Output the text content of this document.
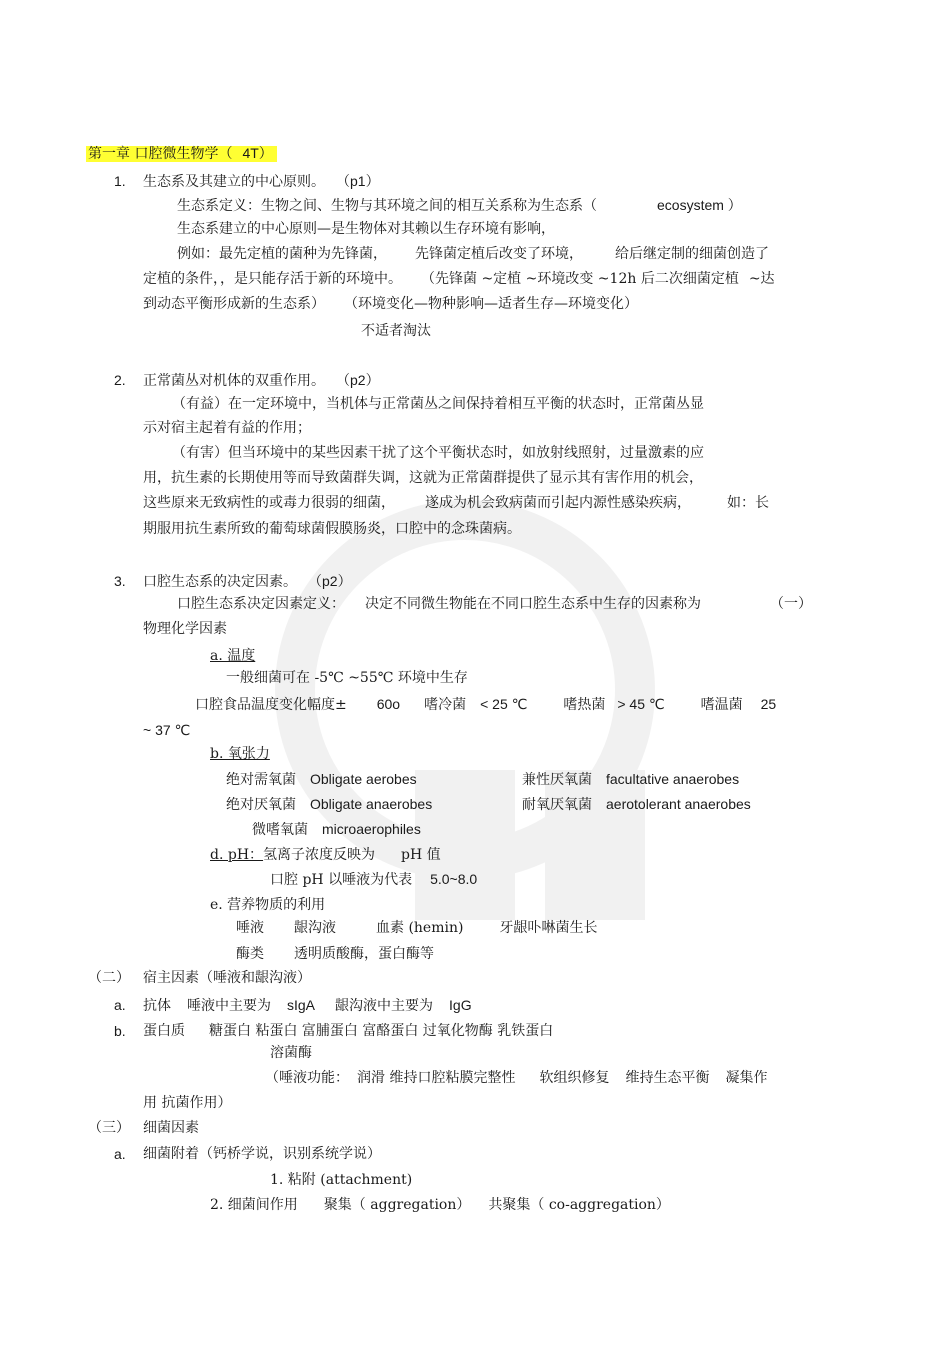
第一章 口腔微生物学（ 4T）
1. 生态系及其建立的中心原则。 （p1）
生态系定义：生物之间、生物与其环境之间的相互关系称为生态系（	ecosystem ）
生态系建立的中心原则—是生物体对其赖以生存环境有影响，
例如：最先定植的菌种为先锋菌， 先锋菌定植后改变了环境， 给后继定制的细菌创造了
定植的条件，，是只能存活于新的环境中。 （先锋菌 ~定植 ~环境改变 ~12h 后二次细菌定植 ~达
到动态平衡形成新的生态系） （环境变化—物种影响—适者生存—环境变化）
不适者淘汰
2. 正常菌丛对机体的双重作用。 （p2）
（有益）在一定环境中，当机体与正常菌丛之间保持着相互平衡的状态时，正常菌丛显
示对宿主起着有益的作用；
（有害）但当环境中的某些因素干扰了这个平衡状态时，如放射线照射，过量激素的应
用，抗生素的长期使用等而导致菌群失调，这就为正常菌群提供了显示其有害作用的机会，
这些原来无致病性的或毒力很弱的细菌， 遂成为机会致病菌而引起内源性感染疾病，	如：长
期服用抗生素所致的葡萄球菌假膜肠炎，口腔中的念珠菌病。
3. 口腔生态系的决定因素。 （p2）
口腔生态系决定因素定义： 决定不同微生物能在不同口腔生态系中生存的因素称为	（一）
物理化学因素
a. 温度
一般细菌可在 -5℃ ~55℃ 环境中生存
口腔食品温度变化幅度± 60o 嗜冷菌 < 25 ℃	嗜热菌 > 45 ℃	嗜温菌 25
~ 37 ℃
b. 氧张力
绝对需氧菌 Obligate aerobes	兼性厌氧菌 facultative anaerobes
绝对厌氧菌 Obligate anaerobes	耐氧厌氧菌 aerotolerant anaerobes
微嗜氧菌 microaerophiles
d. pH：氢离子浓度反映为 pH 值
口腔 pH 以唾液为代表 5.0~8.0
e. 营养物质的利用
唾液 龈沟液	血素 (hemin)	牙龈卟啉菌生长
酶类 透明质酸酶，蛋白酶等
（二） 宿主因素（唾液和龈沟液）
a. 抗体 唾液中主要为 sIgA 龈沟液中主要为 IgG
b. 蛋白质 糖蛋白 粘蛋白 富脯蛋白 富酪蛋白 过氧化物酶 乳铁蛋白
溶菌酶
（唾液功能： 润滑 维持口腔粘膜完整性 软组织修复 维持生态平衡 凝集作
用 抗菌作用）
（三） 细菌因素
a. 细菌附着（钙桥学说，识别系统学说）
1. 粘附 (attachment)
2. 细菌间作用 聚集（ aggregation） 共聚集（ co-aggregation）
